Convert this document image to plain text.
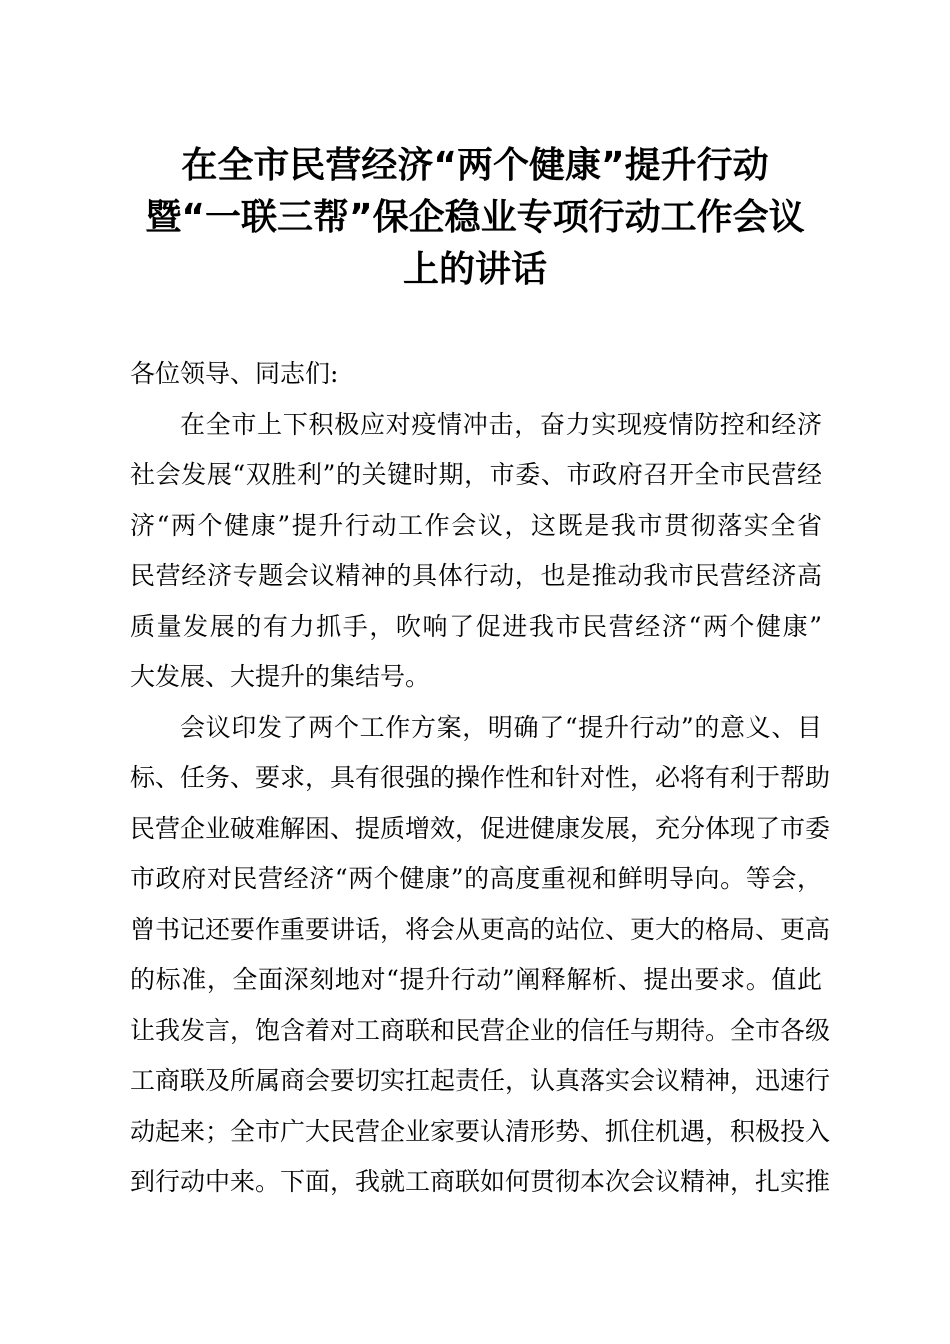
在全市民营经济“两个健康”提升行动
暨“一联三帮”保企稳业专项行动工作会议
上的讲话
各位领导、同志们:
在全市上下积极应对疫情冲击，奋力实现疫情防控和经济
社会发展“双胜利”的关键时期，市委、市政府召开全市民营经
济“两个健康”提升行动工作会议，这既是我市贯彻落实全省
民营经济专题会议精神的具体行动，也是推动我市民营经济高
质量发展的有力抓手，吹响了促进我市民营经济“两个健康”
大发展、大提升的集结号。
会议印发了两个工作方案，明确了“提升行动”的意义、目
标、任务、要求，具有很强的操作性和针对性，必将有利于帮助
民营企业破难解困、提质增效，促进健康发展，充分体现了市委
市政府对民营经济“两个健康”的高度重视和鲜明导向。等会，
曾书记还要作重要讲话，将会从更高的站位、更大的格局、更高
的标准，全面深刻地对“提升行动”阐释解析、提出要求。值此
让我发言，饱含着对工商联和民营企业的信任与期待。全市各级
工商联及所属商会要切实扛起责任，认真落实会议精神，迅速行
动起来；全市广大民营企业家要认清形势、抓住机遇，积极投入
到行动中来。下面，我就工商联如何贯彻本次会议精神，扎实推
